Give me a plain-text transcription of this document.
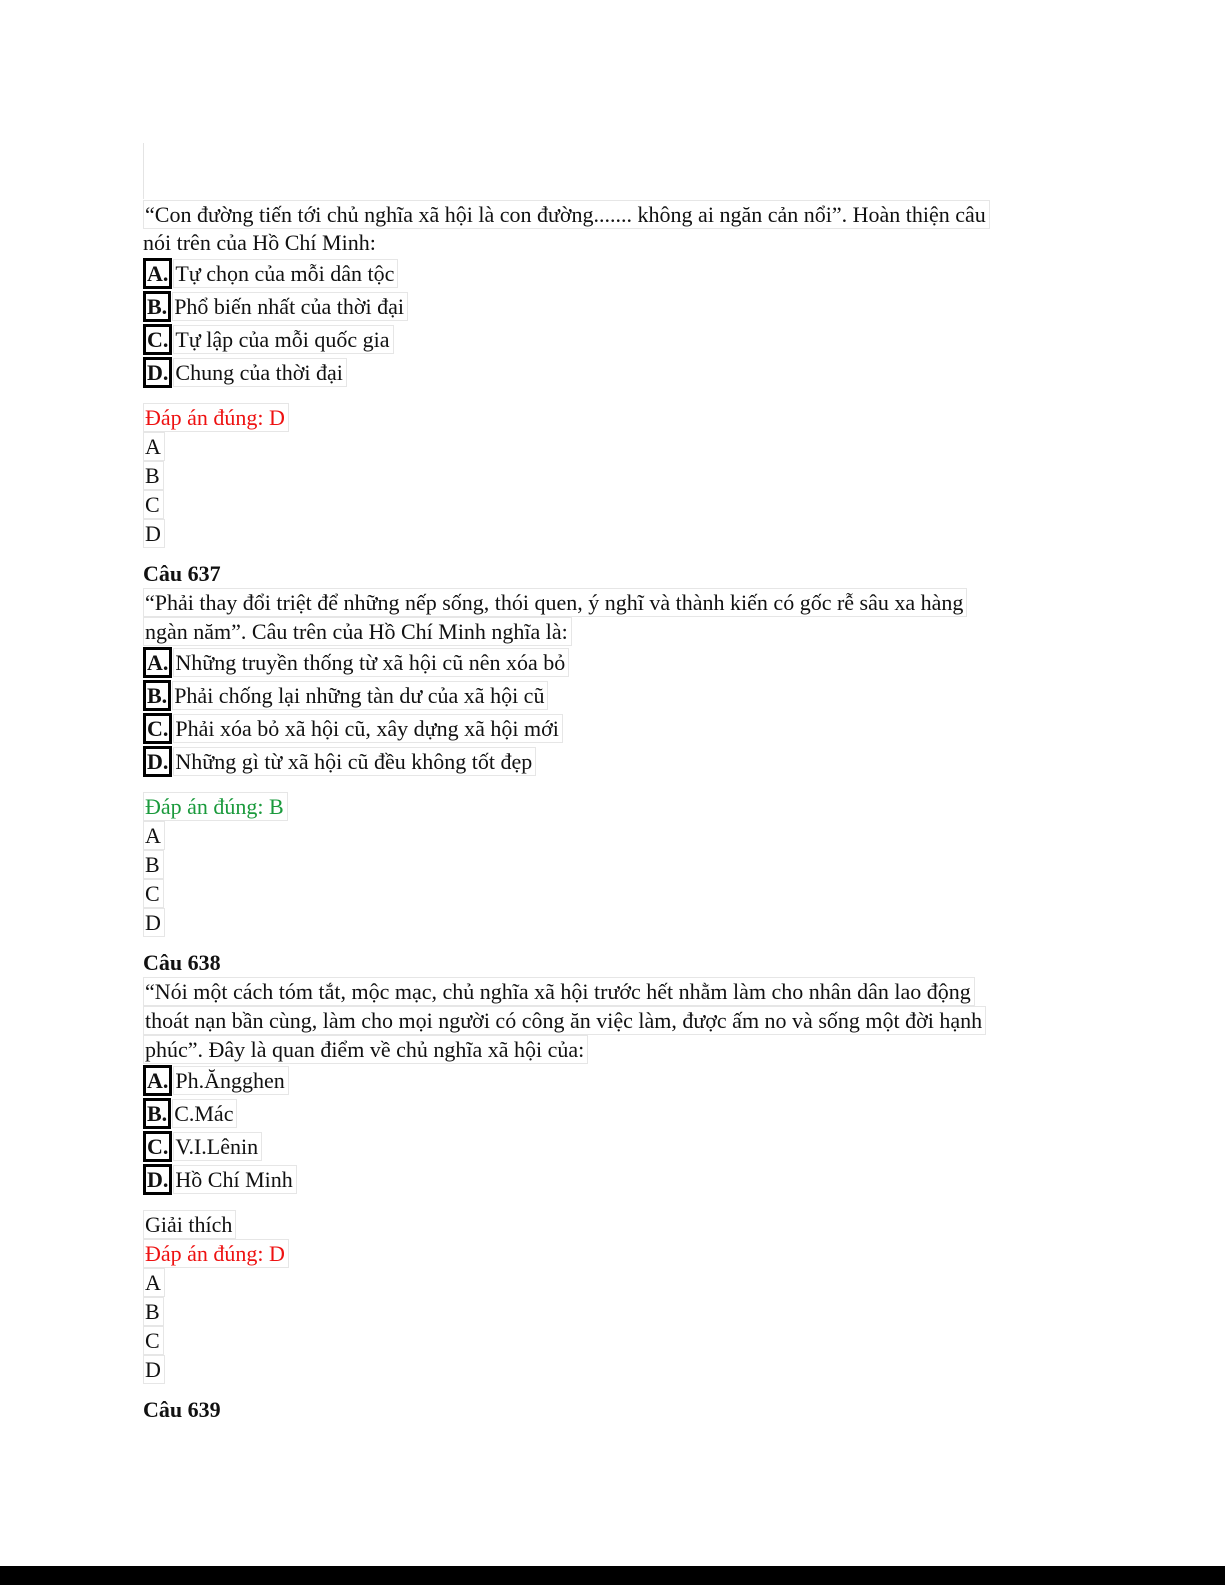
“Con đường tiến tới chủ nghĩa xã hội là con đường....... không ai ngăn cản nổi”. Hoàn thiện câu
nói trên của Hồ Chí Minh:
A. Tự chọn của mỗi dân tộc
B. Phổ biến nhất của thời đại
C. Tự lập của mỗi quốc gia
D. Chung của thời đại
Đáp án đúng: D
A
B
C
D
Câu 637
“Phải thay đổi triệt để những nếp sống, thói quen, ý nghĩ và thành kiến có gốc rễ sâu xa hàng
ngàn năm”. Câu trên của Hồ Chí Minh nghĩa là:
A. Những truyền thống từ xã hội cũ nên xóa bỏ
B. Phải chống lại những tàn dư của xã hội cũ
C. Phải xóa bỏ xã hội cũ, xây dựng xã hội mới
D. Những gì từ xã hội cũ đều không tốt đẹp
Đáp án đúng: B
A
B
C
D
Câu 638
“Nói một cách tóm tắt, mộc mạc, chủ nghĩa xã hội trước hết nhằm làm cho nhân dân lao động
thoát nạn bần cùng, làm cho mọi người có công ăn việc làm, được ấm no và sống một đời hạnh
phúc”. Đây là quan điểm về chủ nghĩa xã hội của:
A. Ph.Ăngghen
B. C.Mác
C. V.I.Lênin
D. Hồ Chí Minh
Giải thích
Đáp án đúng: D
A
B
C
D
Câu 639
